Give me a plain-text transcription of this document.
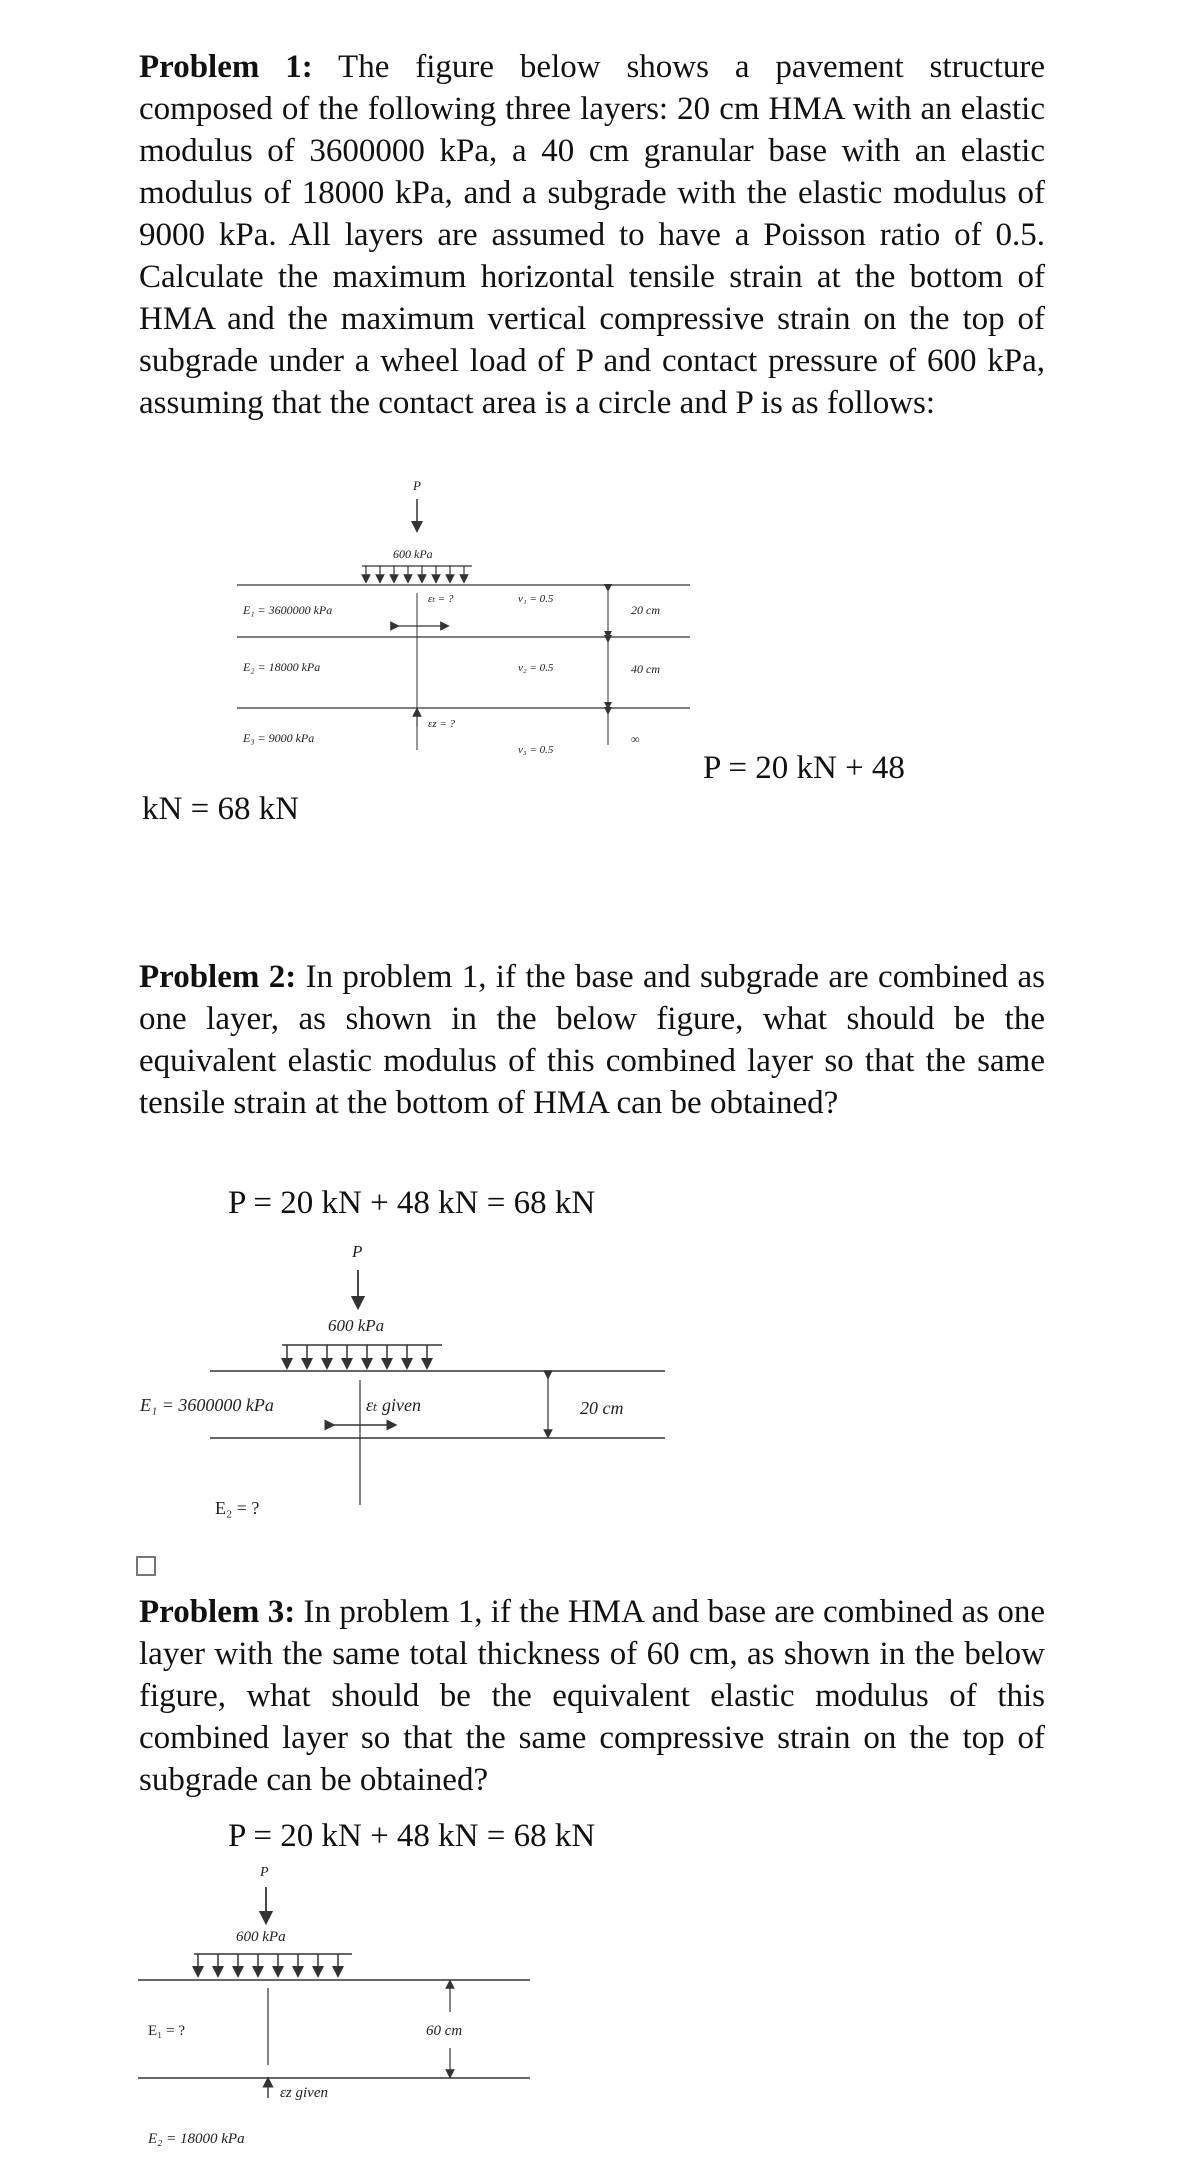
Problem 1: The figure below shows a pavement structure composed of the following three layers: 20 cm HMA with an elastic modulus of 3600000 kPa, a 40 cm granular base with an elastic modulus of 18000 kPa, and a subgrade with the elastic modulus of 9000 kPa. All layers are assumed to have a Poisson ratio of 0.5. Calculate the maximum horizontal tensile strain at the bottom of HMA and the maximum vertical compressive strain on the top of subgrade under a wheel load of P and contact pressure of 600 kPa, assuming that the contact area is a circle and P is as follows:

P
600 kPa
εₜ = ?
εz = ?
E₁ = 3600000 kPa
E₂ = 18000 kPa
E₃ = 9000 kPa
ν₁ = 0.5
ν₂ = 0.5
ν₃ = 0.5
20 cm
40 cm
∞
P = 20 kN + 48
kN = 68 kN

Problem 2: In problem 1, if the base and subgrade are combined as one layer, as shown in the below figure, what should be the equivalent elastic modulus of this combined layer so that the same tensile strain at the bottom of HMA can be obtained?

P = 20 kN + 48 kN = 68 kN
P
600 kPa
εₜ given
E₁ = 3600000 kPa
E₂ = ?
20 cm

Problem 3: In problem 1, if the HMA and base are combined as one layer with the same total thickness of 60 cm, as shown in the below figure, what should be the equivalent elastic modulus of this combined layer so that the same compressive strain on the top of subgrade can be obtained?

P = 20 kN + 48 kN = 68 kN
P
600 kPa
εz given
E₁ = ?
E₂ = 18000 kPa
60 cm
